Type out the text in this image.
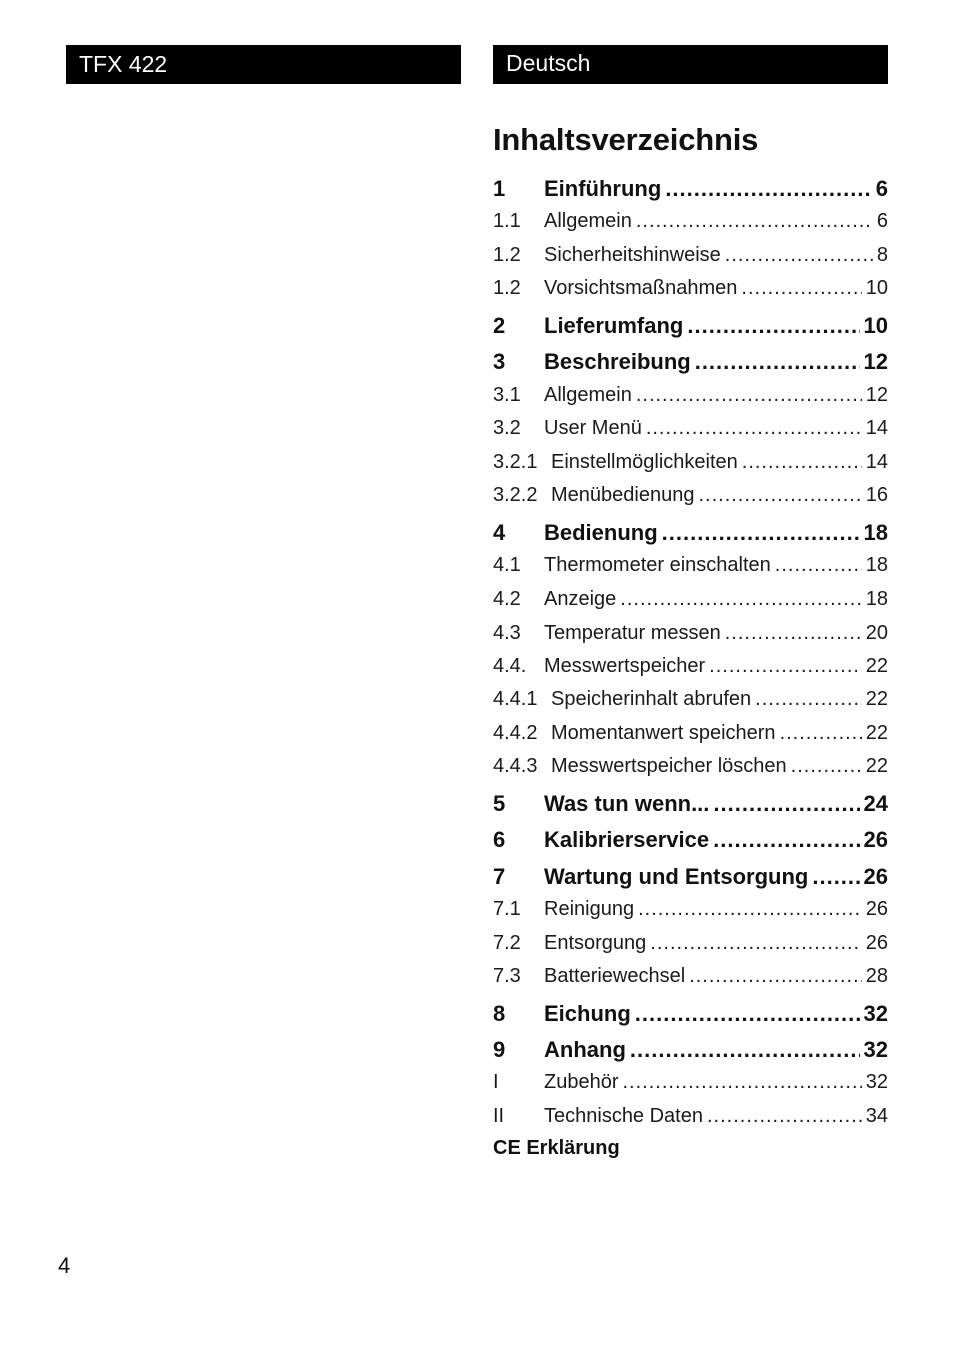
TFX 422	Deutsch
Inhaltsverzeichnis
1	Einführung .....	6
1.1	Allgemein .....	6
1.2	Sicherheitshinweise .....	8
1.2	Vorsichtsmaßnahmen .....	10
2	Lieferumfang .....	10
3	Beschreibung .....	12
3.1	Allgemein .....	12
3.2	User Menü .....	14
3.2.1 Einstellmöglichkeiten .....	14
3.2.2 Menübedienung .....	16
4	Bedienung .....	18
4.1	Thermometer einschalten .....	18
4.2	Anzeige .....	18
4.3	Temperatur messen .....	20
4.4. Messwertspeicher .....	22
4.4.1 Speicherinhalt abrufen .....	22
4.4.2 Momentanwert speichern .....	22
4.4.3 Messwertspeicher löschen .....	22
5	Was tun wenn... .....	24
6	Kalibrierservice .....	26
7	Wartung und Entsorgung .....	26
7.1	Reinigung .....	26
7.2	Entsorgung .....	26
7.3	Batteriewechsel .....	28
8	Eichung .....	32
9	Anhang .....	32
I	Zubehör .....	32
II	Technische Daten .....	34
CE Erklärung
4
